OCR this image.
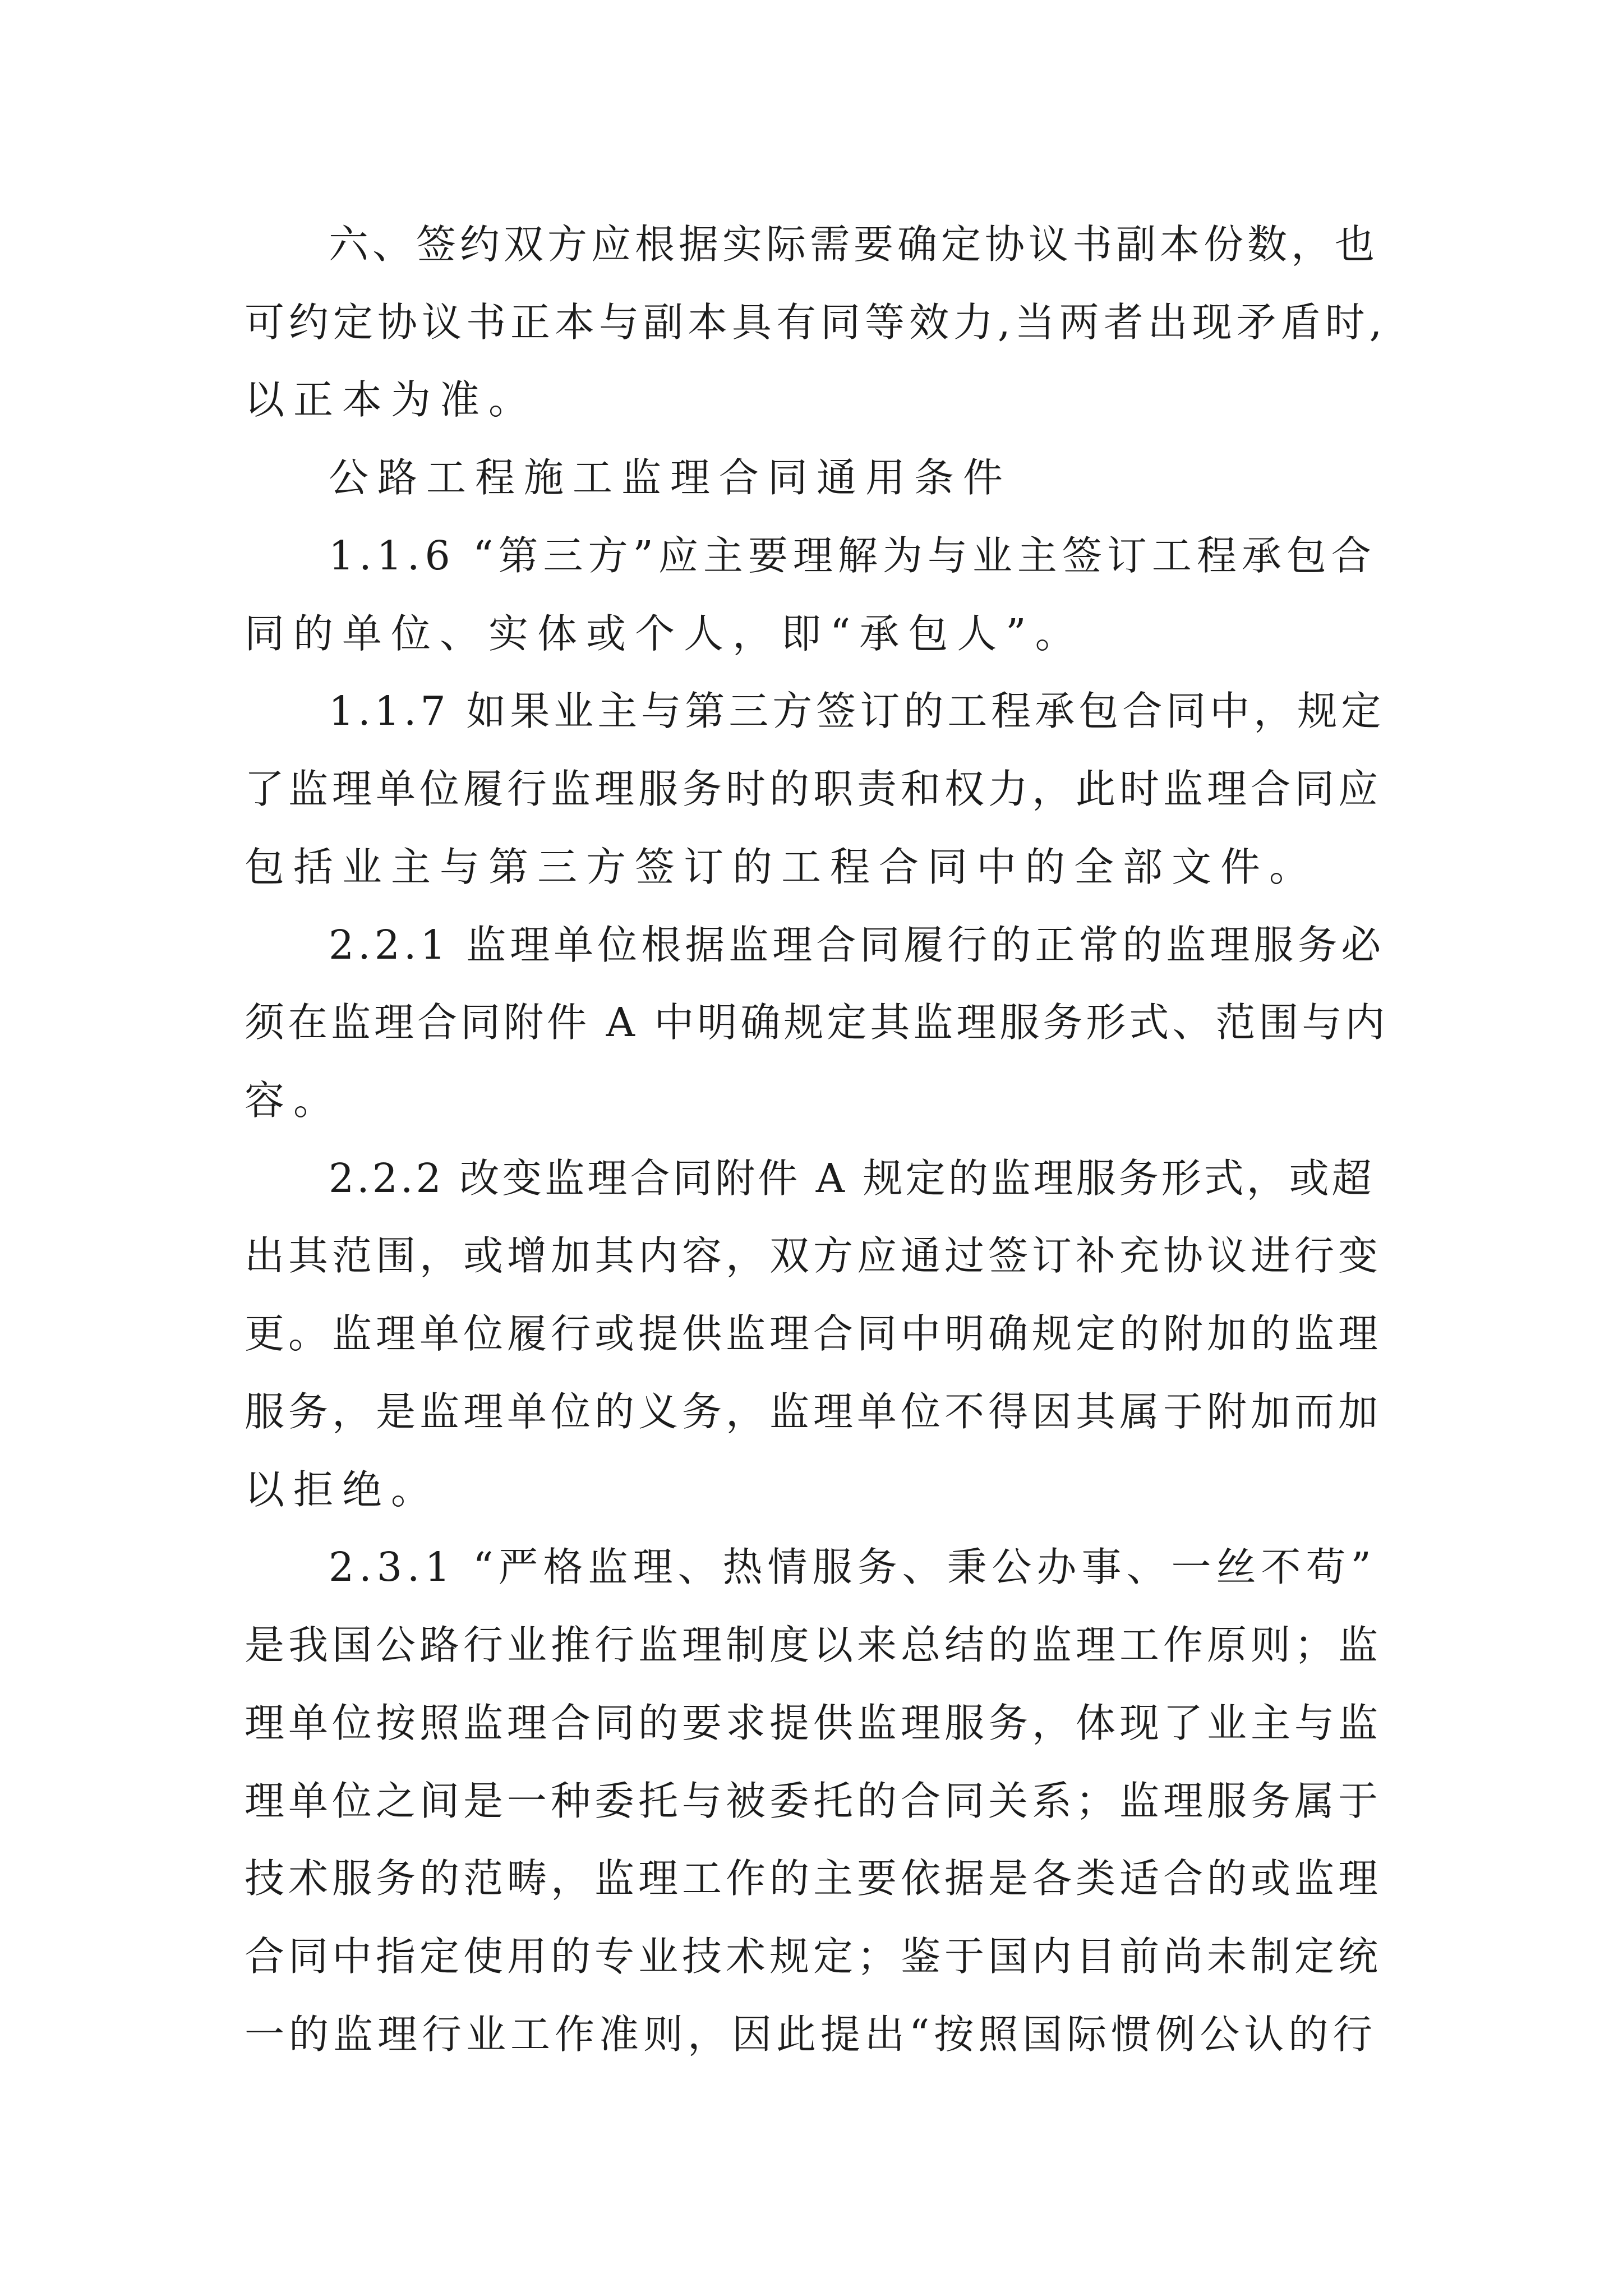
六、签约双方应根据实际需要确定协议书副本份数，也
可约定协议书正本与副本具有同等效力,当两者出现矛盾时,
以正本为准。
公路工程施工监理合同通用条件
1.1.6 “第三方”应主要理解为与业主签订工程承包合
同的单位、实体或个人，即“承包人”。
1.1.7 如果业主与第三方签订的工程承包合同中，规定
了监理单位履行监理服务时的职责和权力，此时监理合同应
包括业主与第三方签订的工程合同中的全部文件。
2.2.1 监理单位根据监理合同履行的正常的监理服务必
须在监理合同附件 A 中明确规定其监理服务形式、范围与内
容。
2.2.2 改变监理合同附件 A 规定的监理服务形式，或超
出其范围，或增加其内容，双方应通过签订补充协议进行变
更。监理单位履行或提供监理合同中明确规定的附加的监理
服务，是监理单位的义务，监理单位不得因其属于附加而加
以拒绝。
2.3.1 “严格监理、热情服务、秉公办事、一丝不苟”
是我国公路行业推行监理制度以来总结的监理工作原则；监
理单位按照监理合同的要求提供监理服务，体现了业主与监
理单位之间是一种委托与被委托的合同关系；监理服务属于
技术服务的范畴，监理工作的主要依据是各类适合的或监理
合同中指定使用的专业技术规定；鉴于国内目前尚未制定统
一的监理行业工作准则，因此提出“按照国际惯例公认的行
